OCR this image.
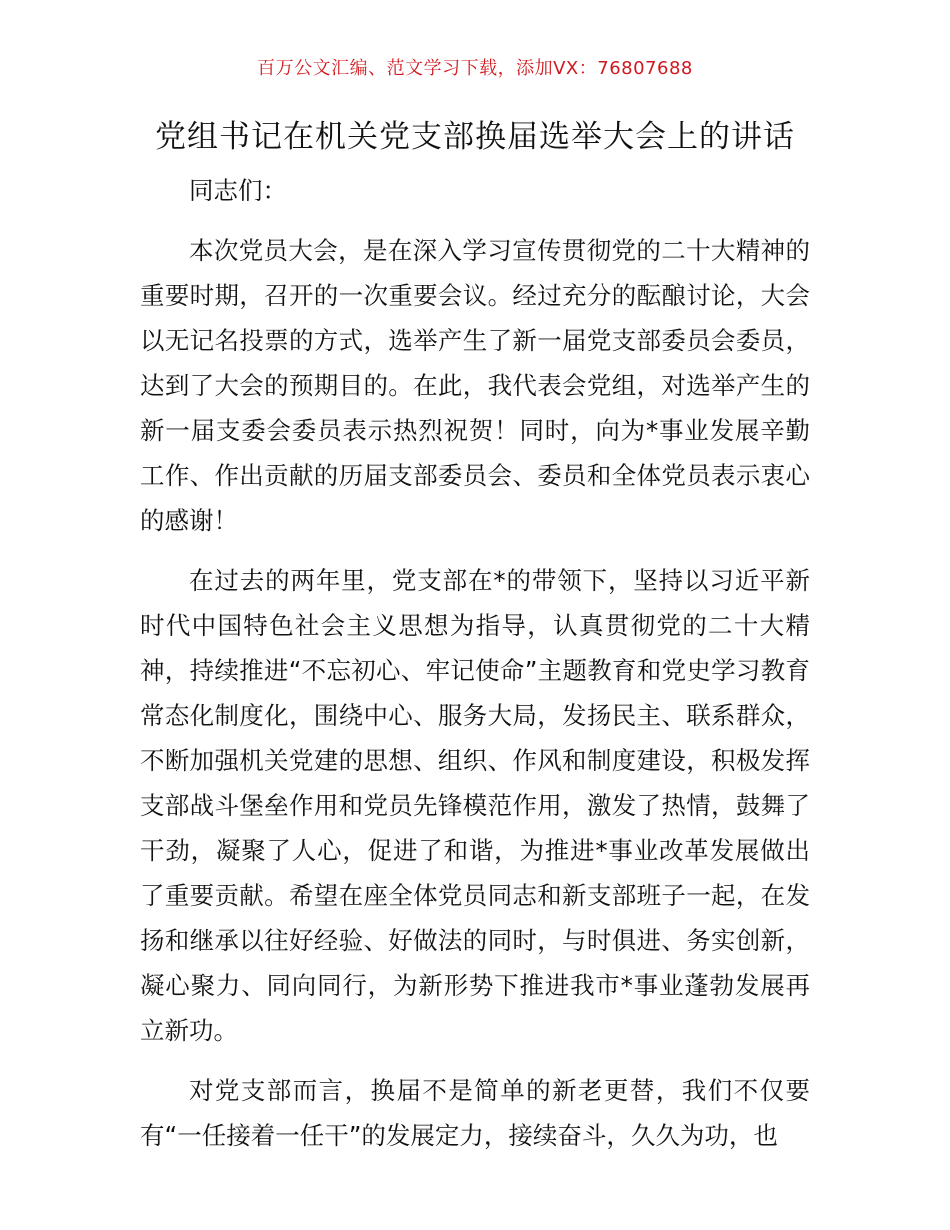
百万公文汇编、范文学习下载，添加VX：76807688
党组书记在机关党支部换届选举大会上的讲话

同志们：

本次党员大会，是在深入学习宣传贯彻党的二十大精神的重要时期，召开的一次重要会议。经过充分的酝酿讨论，大会以无记名投票的方式，选举产生了新一届党支部委员会委员，达到了大会的预期目的。在此，我代表会党组，对选举产生的新一届支委会委员表示热烈祝贺！同时，向为*事业发展辛勤工作、作出贡献的历届支部委员会、委员和全体党员表示衷心的感谢！

在过去的两年里，党支部在*的带领下，坚持以习近平新时代中国特色社会主义思想为指导，认真贯彻党的二十大精神，持续推进“不忘初心、牢记使命”主题教育和党史学习教育常态化制度化，围绕中心、服务大局，发扬民主、联系群众，不断加强机关党建的思想、组织、作风和制度建设，积极发挥支部战斗堡垒作用和党员先锋模范作用，激发了热情，鼓舞了干劲，凝聚了人心，促进了和谐，为推进*事业改革发展做出了重要贡献。希望在座全体党员同志和新支部班子一起，在发扬和继承以往好经验、好做法的同时，与时俱进、务实创新，凝心聚力、同向同行，为新形势下推进我市*事业蓬勃发展再立新功。

对党支部而言，换届不是简单的新老更替，我们不仅要有“一任接着一任干”的发展定力，接续奋斗，久久为功，也
